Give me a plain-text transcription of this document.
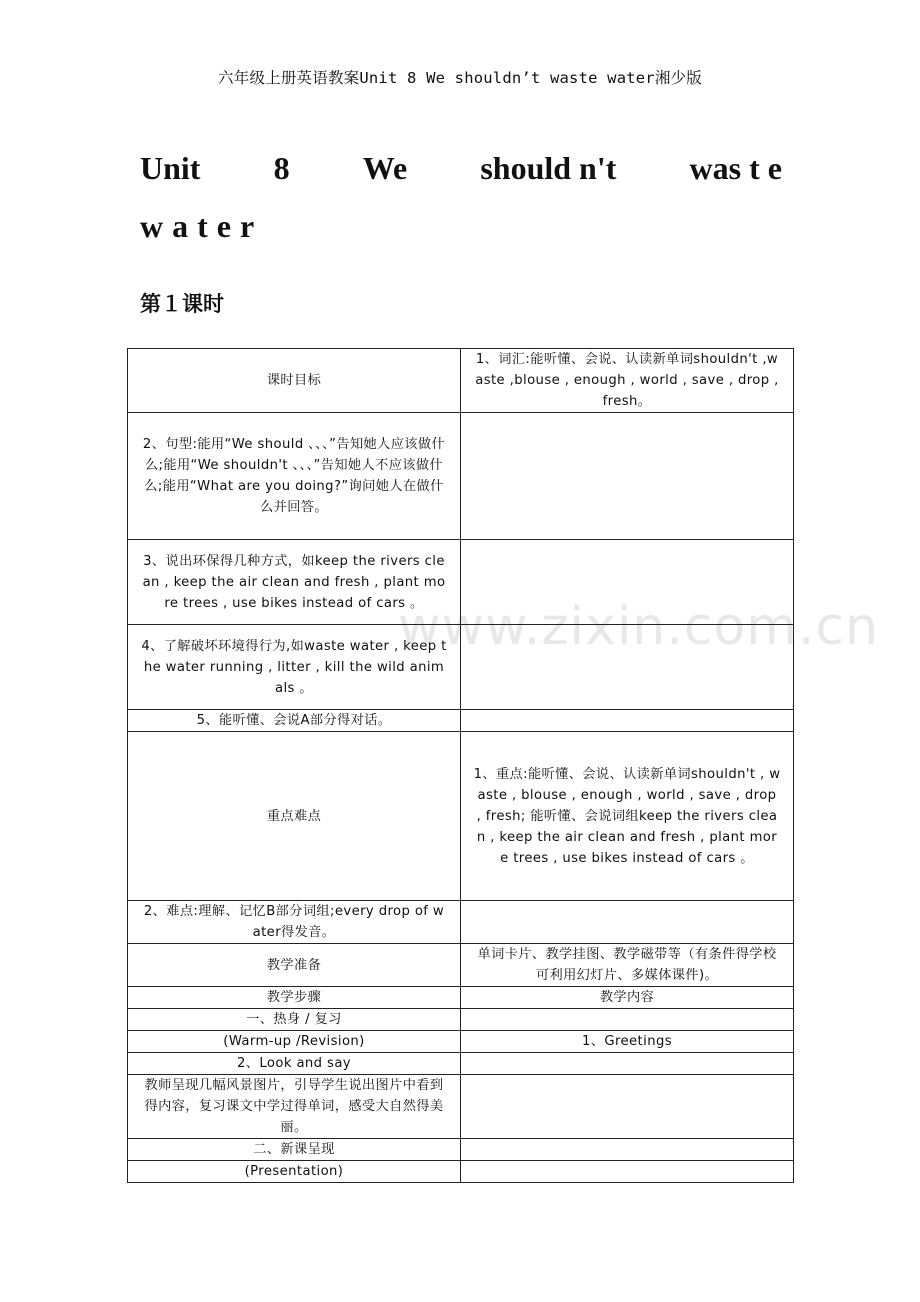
六年级上册英语教案Unit 8 We shouldn’t waste water湘少版
Unit 8 We should n't was t e
water
第１课时
www.zixin.com.cn
课时目标	1、词汇:能听懂、会说、认读新单词shouldn't ,waste ,blouse , enough , world , save , drop , fresh。
2、句型:能用“We should 、、、”告知她人应该做什么;能用“We shouldn't 、、、”告知她人不应该做什么;能用“What are you doing?”询问她人在做什么并回答。	
3、说出环保得几种方式，如keep the rivers clean , keep the air clean and fresh , plant more trees , use bikes instead of cars 。	
4、了解破坏环境得行为,如waste water , keep the water running , litter , kill the wild animals 。	
5、能听懂、会说A部分得对话。	
重点难点	1、重点:能听懂、会说、认读新单词shouldn't , waste , blouse , enough , world , save , drop , fresh; 能听懂、会说词组keep the rivers clean , keep the air clean and fresh , plant more trees , use bikes instead of cars 。
2、难点:理解、记忆B部分词组;every drop of water得发音。	
教学准备	单词卡片、教学挂图、教学磁带等（有条件得学校可利用幻灯片、多媒体课件)。
教学步骤	教学内容
一、热身 / 复习	
(Warm-up /Revision)	1、Greetings
2、Look and say	
教师呈现几幅风景图片，引导学生说出图片中看到得内容，复习课文中学过得单词，感受大自然得美丽。	
二、新课呈现	
(Presentation)	
